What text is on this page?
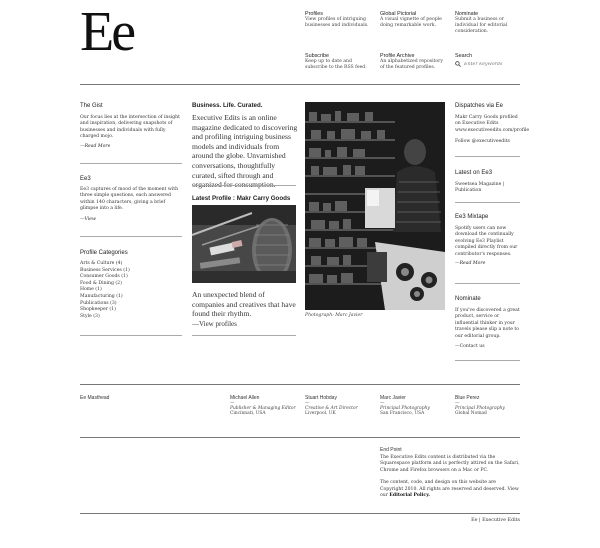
Ee	Profiles
View profiles of intriguing businesses and individuals.
Global Pictorial
A visual vignette of people doing remarkable work.
Nominate
Submit a business or individual for editorial consideration.
Subscribe
Keep up to date and subscribe to the RSS feed.
Profile Archive
An alphabetized repository of the featured profiles.
Search
Enter keywords
The Gist

Our focus lies at the intersection of insight and inspiration, delivering snapshots of businesses and individuals with fully charged mojo.

—Read More
Ee3

Ee3 captures of mood of the moment with three simple questions, each answered within 140 characters, giving a brief glimpse into a life.

—View
Profile Categories
Arts & Culture (4)
Business Services (1)
Consumer Goods (1)
Food & Dining (2)
Home (1)
Manufacturing (1)
Publications (3)
Shopkeeper (1)
Style (3)
Business. Life. Curated.
Executive Edits is an online magazine dedicated to discovering and profiling intriguing business models and individuals from around the globe. Unvarnished conversations, thoughtfully curated, sifted through and organized for consumption.
Latest Profile : Makr Carry Goods
An unexpected blend of companies and creatives that have found their rhythm.
—View profiles
Photograph: Marc Javier
Dispatches via Ee

Makr Carry Goods profiled on Executive Edits www.executiveedits.com/profile

Follow @executiveedits
Latest on Ee3

Sweetsea Magazine | Publication

Ee3 Mixtape

Spotify users can now download the continually evolving Ee3 Playlist compiled directly from our contributor's responses.

—Read More
Nominate

If you've discovered a great product, service or influential thinker in your travels please slip a note to our editorial group.

—Contact us
Ee Masthead	Michael Allen
—
Publisher & Managing Editor
Cincinnati, USA
Stuart Hobday
—
Creative & Art Director
Liverpool, UK
Marc Javier
—
Principal Photography
San Francisco, USA
Blue Perez
—
Principal Photography
Global Nomad
End Point

The Executive Edits content is distributed via the Squarespace platform and is perfectly attired on the Safari, Chrome and Firefox browsers on a Mac or PC.

The content, code, and design on this website are Copyright 2010. All rights are reserved and deserved. View our Editorial Policy.

Ee | Executive Edits
